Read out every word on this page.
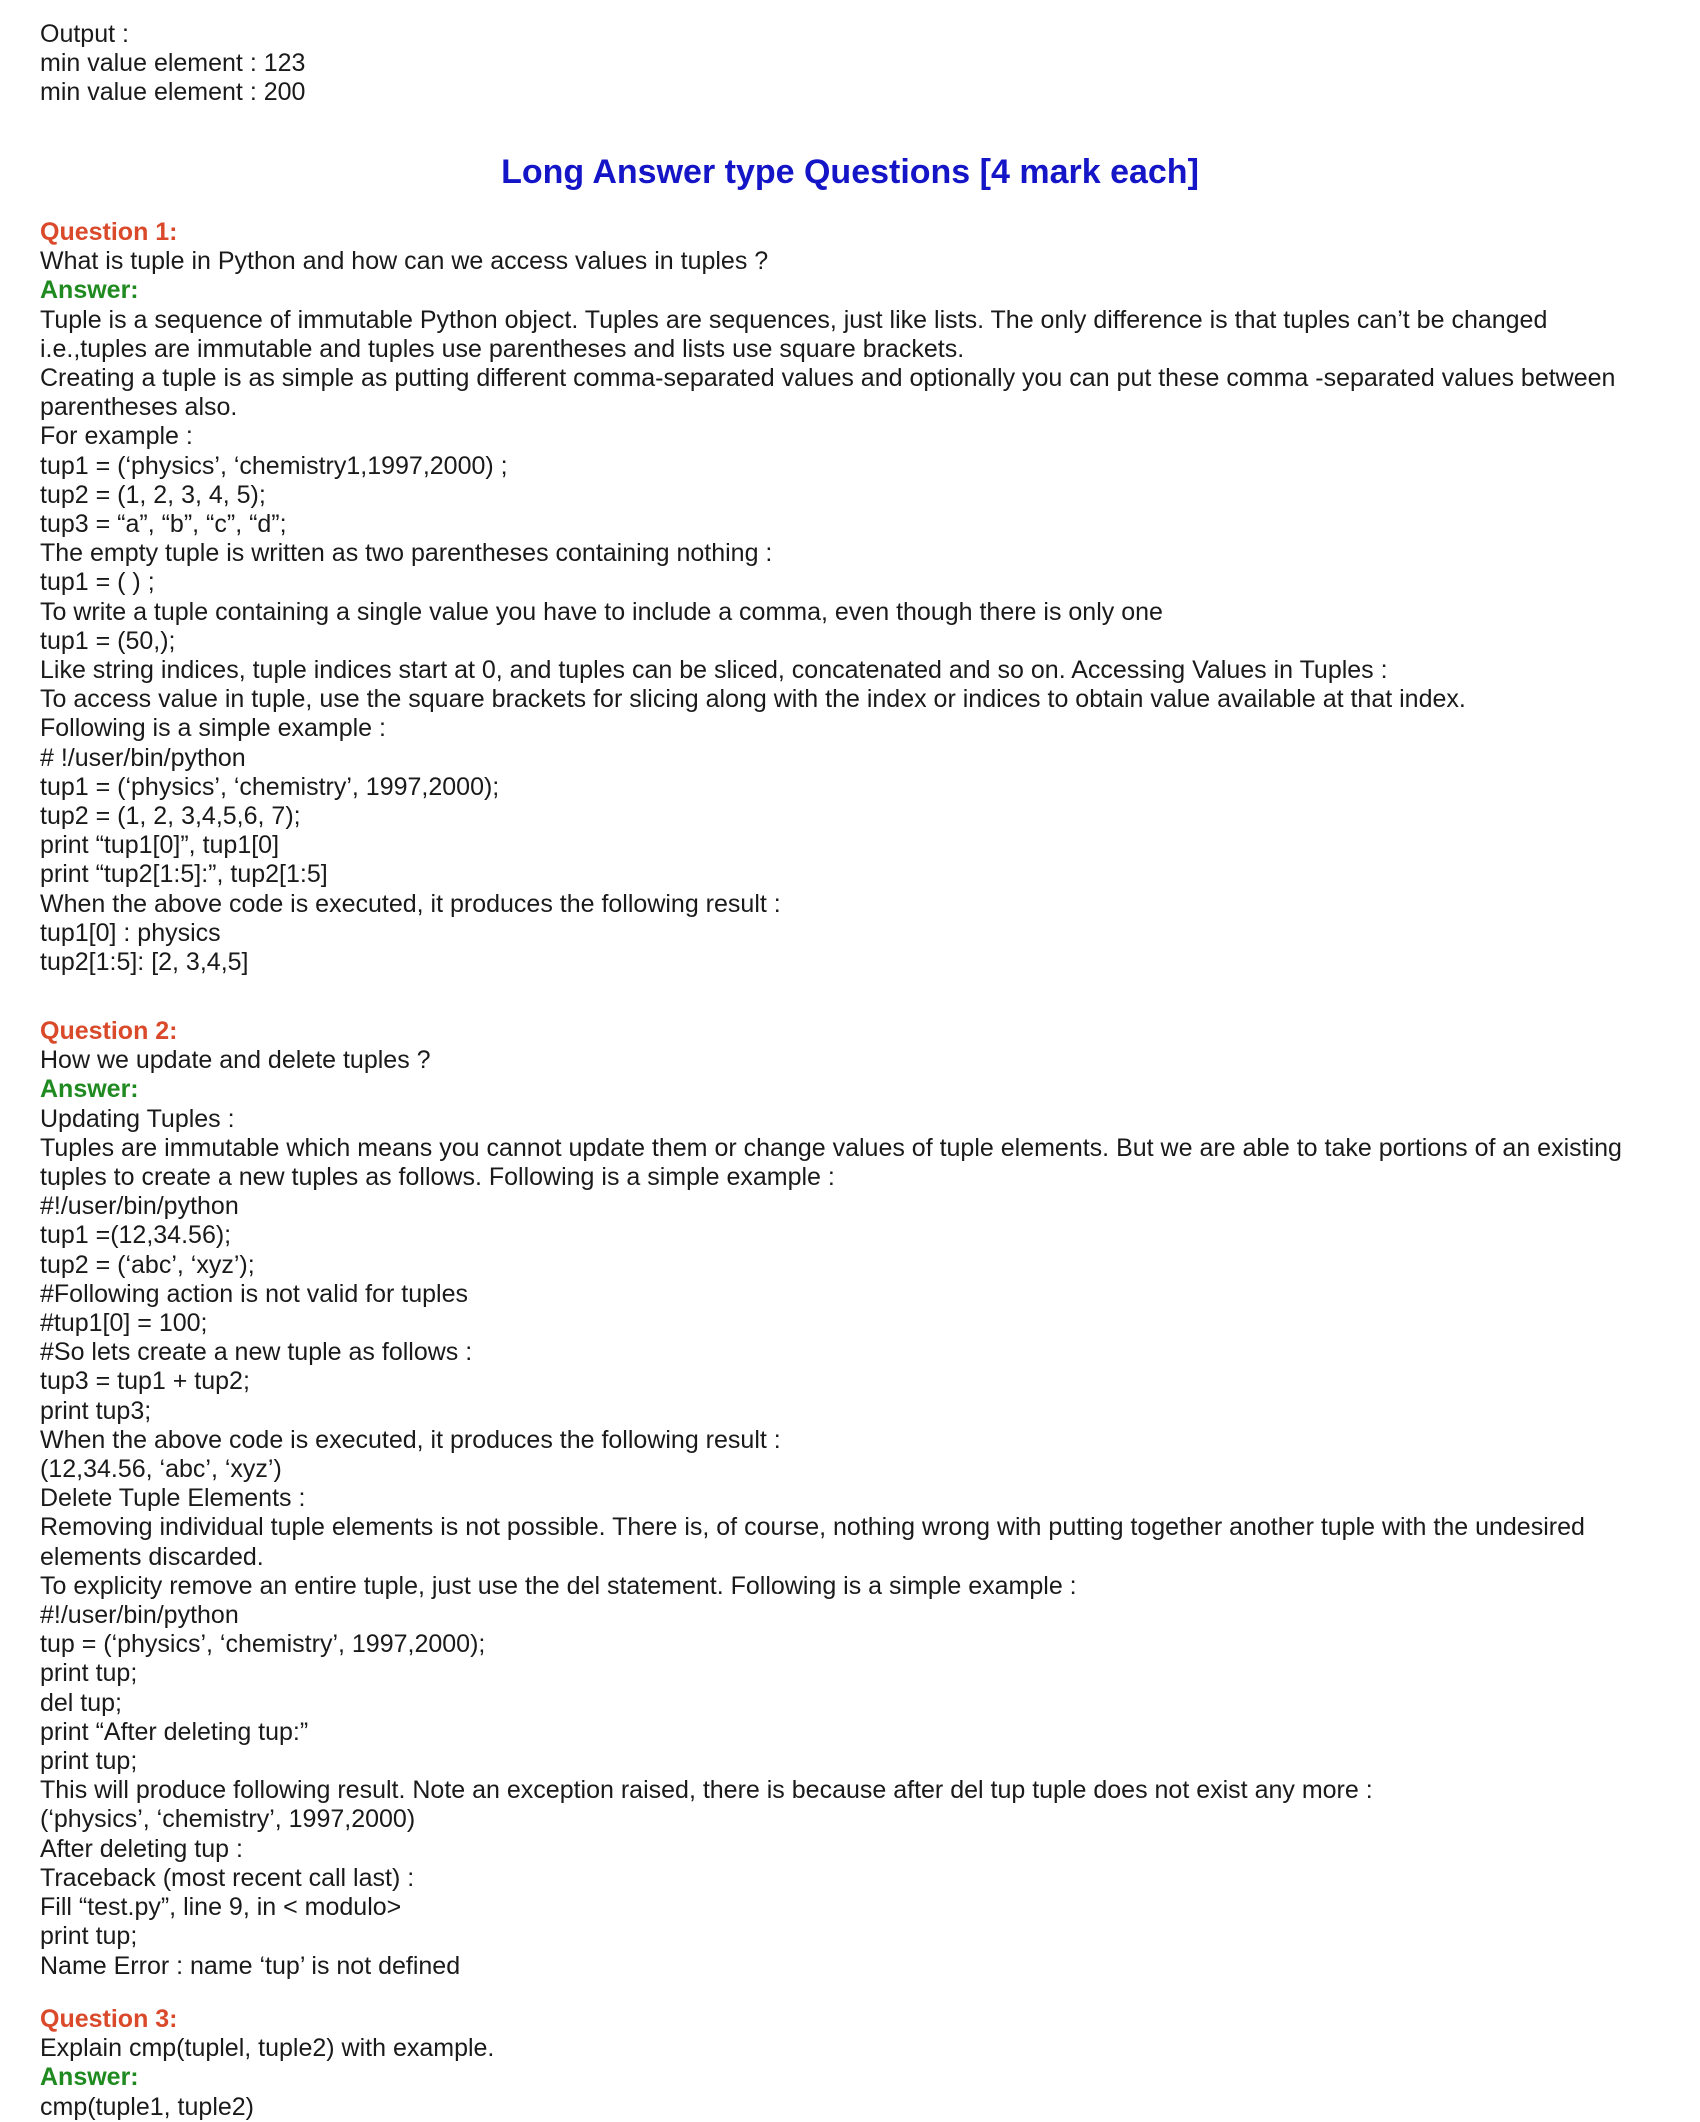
Output :

min value element : 123

min value element : 200

Long Answer type Questions [4 mark each]

Question 1:

What is tuple in Python and how can we access values in tuples ?

Answer:

Tuple is a sequence of immutable Python object. Tuples are sequences, just like lists. The only difference is that tuples can’t be changed

i.e.,tuples are immutable and tuples use parentheses and lists use square brackets.

Creating a tuple is as simple as putting different comma-separated values and optionally you can put these comma -separated values between

parentheses also.

For example :

tup1 = (‘physics’, ‘chemistry1,1997,2000) ;

tup2 = (1, 2, 3, 4, 5);

tup3 = “a”, “b”, “c”, “d”;

The empty tuple is written as two parentheses containing nothing :

tup1 = ( ) ;

To write a tuple containing a single value you have to include a comma, even though there is only one

tup1 = (50,);

Like string indices, tuple indices start at 0, and tuples can be sliced, concatenated and so on. Accessing Values in Tuples :

To access value in tuple, use the square brackets for slicing along with the index or indices to obtain value available at that index.

Following is a simple example :

# !/user/bin/python

tup1 = (‘physics’, ‘chemistry’, 1997,2000);

tup2 = (1, 2, 3,4,5,6, 7);

print “tup1[0]”, tup1[0]

print “tup2[1:5]:”, tup2[1:5]

When the above code is executed, it produces the following result :

tup1[0] : physics

tup2[1:5]: [2, 3,4,5]

Question 2:

How we update and delete tuples ?

Answer:

Updating Tuples :

Tuples are immutable which means you cannot update them or change values of tuple elements. But we are able to take portions of an existing

tuples to create a new tuples as follows. Following is a simple example :

#!/user/bin/python

tup1 =(12,34.56);

tup2 = (‘abc’, ‘xyz’);

#Following action is not valid for tuples

#tup1[0] = 100;

#So lets create a new tuple as follows :

tup3 = tup1 + tup2;

print tup3;

When the above code is executed, it produces the following result :

(12,34.56, ‘abc’, ‘xyz’)

Delete Tuple Elements :

Removing individual tuple elements is not possible. There is, of course, nothing wrong with putting together another tuple with the undesired

elements discarded.

To explicity remove an entire tuple, just use the del statement. Following is a simple example :

#!/user/bin/python

tup = (‘physics’, ‘chemistry’, 1997,2000);

print tup;

del tup;

print “After deleting tup:”

print tup;

This will produce following result. Note an exception raised, there is because after del tup tuple does not exist any more :

(‘physics’, ‘chemistry’, 1997,2000)

After deleting tup :

Traceback (most recent call last) :

Fill “test.py”, line 9, in < modulo>

print tup;

Name Error : name ‘tup’ is not defined

Question 3:

Explain cmp(tuplel, tuple2) with example.

Answer:

cmp(tuple1, tuple2)
